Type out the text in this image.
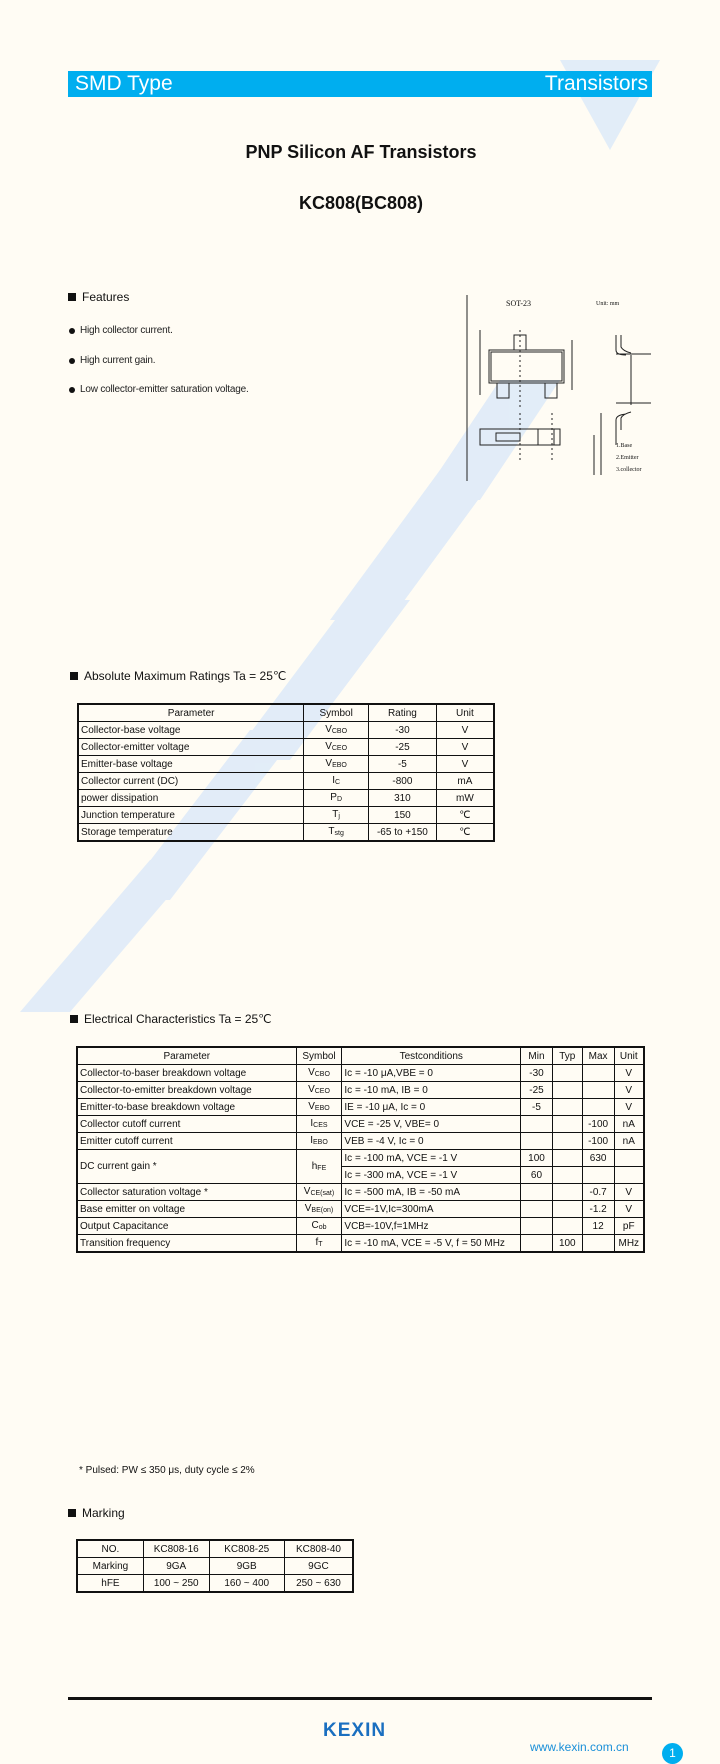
SMD Type	Transistors
PNP Silicon AF Transistors
KC808(BC808)
Features
High collector current.
High current gain.
Low collector-emitter saturation voltage.
SOT-23	Unit: mm
1.Base
2.Emitter
3.collector
Absolute Maximum Ratings Ta = 25℃
Parameter	Symbol	Rating	Unit
Collector-base voltage	$V_{CBO}$	-30	V
Collector-emitter voltage	$V_{CEO}$	-25	V
Emitter-base voltage	$V_{EBO}$	-5	V
Collector current (DC)	$I_C$	-800	mA
power dissipation	$P_D$	310	mW
Junction temperature	$T_j$	150	℃
Storage temperature	$T_{stg}$	-65 to +150	℃
Electrical Characteristics Ta = 25℃
Parameter	Symbol	Testconditions	Min	Typ	Max	Unit
Collector-to-baser breakdown voltage	$V_{CBO}$	Ic = -10 μA,VBE = 0	-30			V
Collector-to-emitter breakdown voltage	$V_{CEO}$	Ic = -10 mA, IB = 0	-25			V
Emitter-to-base breakdown voltage	$V_{EBO}$	IE = -10 μA, Ic = 0	-5			V
Collector cutoff current	$I_{CES}$	VCE = -25 V, VBE= 0			-100	nA
Emitter cutoff current	$I_{EBO}$	VEB = -4 V, Ic = 0			-100	nA
DC current gain *	$h_{FE}$	Ic = -100 mA, VCE = -1 V	100		630	
		Ic = -300 mA, VCE = -1 V	60			
Collector saturation voltage *	$V_{CE(sat)}$	Ic = -500 mA, IB = -50 mA			-0.7	V
Base emitter on voltage	$V_{BE(on)}$	VCE=-1V,Ic=300mA			-1.2	V
Output Capacitance	$C_{ob}$	VCB=-10V,f=1MHz			12	pF
Transition frequency	$f_T$	Ic = -10 mA, VCE = -5 V, f = 50 MHz		100		MHz
* Pulsed: PW ≤ 350 μs, duty cycle ≤ 2%
Marking
NO.	KC808-16	KC808-25	KC808-40
Marking	9GA	9GB	9GC
hFE	100 ~ 250	160 ~ 400	250 ~ 630
KEXIN
www.kexin.com.cn	1
